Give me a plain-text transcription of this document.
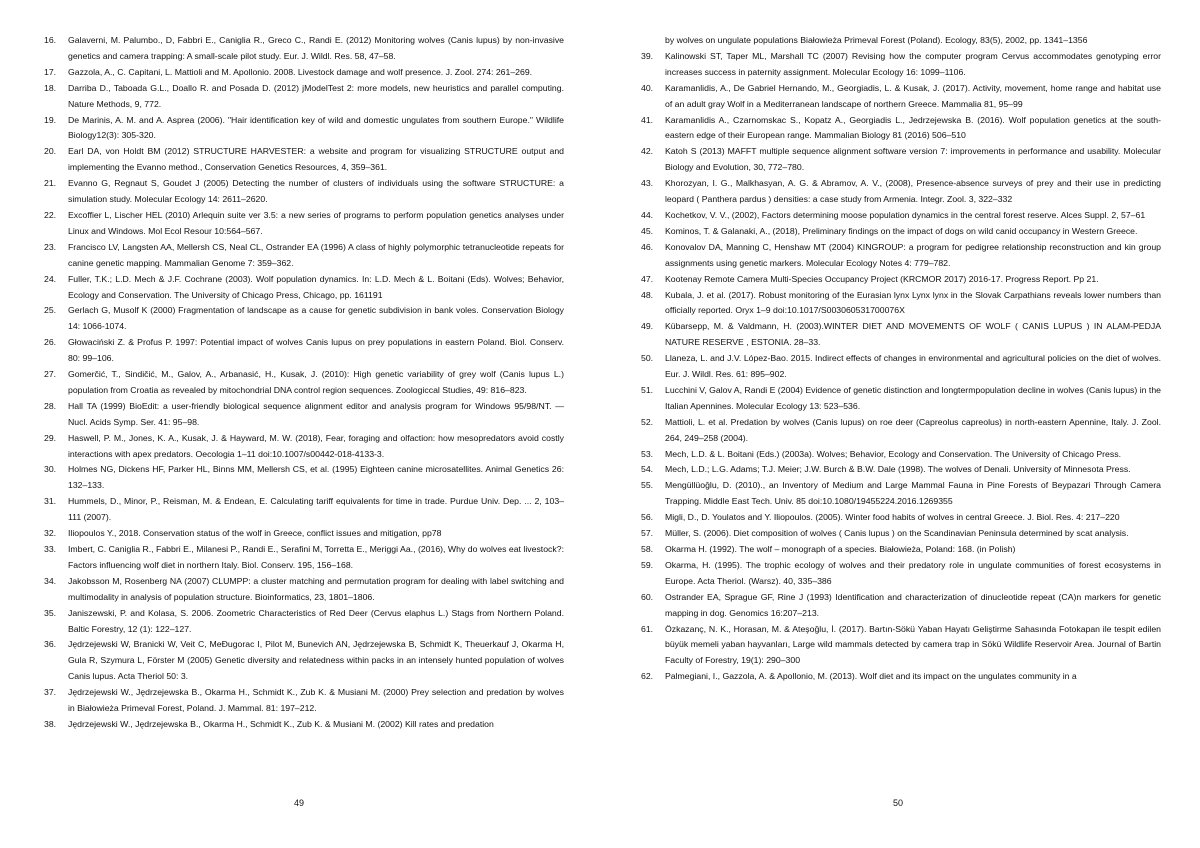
16.	Galaverni, M. Palumbo., D, Fabbri E., Caniglia R., Greco C., Randi E. (2012) Monitoring wolves (Canis lupus) by non-invasive genetics and camera trapping: A small-scale pilot study. Eur. J. Wildl. Res. 58, 47–58.
17.	Gazzola, A., C. Capitani, L. Mattioli and M. Apollonio. 2008. Livestock damage and wolf presence. J. Zool. 274: 261–269.
18.	Darriba D., Taboada G.L., Doallo R. and Posada D. (2012) jModelTest 2: more models, new heuristics and parallel computing. Nature Methods, 9, 772.
19.	De Marinis, A. M. and A. Asprea (2006). "Hair identification key of wild and domestic ungulates from southern Europe." Wildlife Biology12(3): 305-320.
20.	Earl DA, von Holdt BM (2012) STRUCTURE HARVESTER: a website and program for visualizing STRUCTURE output and implementing the Evanno method., Conservation Genetics Resources, 4, 359–361.
21.	Evanno G, Regnaut S, Goudet J (2005) Detecting the number of clusters of individuals using the software STRUCTURE: a simulation study. Molecular Ecology 14: 2611–2620.
22.	Excoffier L, Lischer HEL (2010) Arlequin suite ver 3.5: a new series of programs to perform population genetics analyses under Linux and Windows. Mol Ecol Resour 10:564–567.
23.	Francisco LV, Langsten AA, Mellersh CS, Neal CL, Ostrander EA (1996) A class of highly polymorphic tetranucleotide repeats for canine genetic mapping. Mammalian Genome 7: 359–362.
24.	Fuller, T.K.; L.D. Mech & J.F. Cochrane (2003). Wolf population dynamics. In: L.D. Mech & L. Boitani (Eds). Wolves; Behavior, Ecology and Conservation. The University of Chicago Press, Chicago, pp. 161191
25.	Gerlach G, Musolf K (2000) Fragmentation of landscape as a cause for genetic subdivision in bank voles. Conservation Biology 14: 1066-1074.
26.	Głowaciński Z. & Profus P. 1997: Potential impact of wolves Canis lupus on prey populations in eastern Poland. Biol. Conserv. 80: 99–106.
27.	Gomerčić, T., Sindičić, M., Galov, A., Arbanasić, H., Kusak, J. (2010): High genetic variability of grey wolf (Canis lupus L.) population from Croatia as revealed by mitochondrial DNA control region sequences. Zoologiccal Studies, 49: 816–823.
28.	Hall TA (1999) BioEdit: a user-friendly biological sequence alignment editor and analysis program for Windows 95/98/NT. — Nucl. Acids Symp. Ser. 41: 95–98.
29.	Haswell, P. M., Jones, K. A., Kusak, J. & Hayward, M. W. (2018), Fear, foraging and olfaction: how mesopredators avoid costly interactions with apex predators. Oecologia 1–11 doi:10.1007/s00442-018-4133-3.
30.	Holmes NG, Dickens HF, Parker HL, Binns MM, Mellersh CS, et al. (1995) Eighteen canine microsatellites. Animal Genetics 26: 132–133.
31.	Hummels, D., Minor, P., Reisman, M. & Endean, E. Calculating tariff equivalents for time in trade. Purdue Univ. Dep. ... 2, 103–111 (2007).
32.	Iliopoulos Y., 2018. Conservation status of the wolf in Greece, conflict issues and mitigation, pp78
33.	Imbert, C. Caniglia R., Fabbri E., Milanesi P., Randi E., Serafini M, Torretta E., Meriggi Aa., (2016), Why do wolves eat livestock?: Factors influencing wolf diet in northern Italy. Biol. Conserv. 195, 156–168.
34.	Jakobsson M, Rosenberg NA (2007) CLUMPP: a cluster matching and permutation program for dealing with label switching and multimodality in analysis of population structure. Bioinformatics, 23, 1801–1806.
35.	Janiszewski, P. and Kolasa, S. 2006. Zoometric Characteristics of Red Deer (Cervus elaphus L.) Stags from Northern Poland. Baltic Forestry, 12 (1): 122–127.
36.	Jędrzejewski W, Branicki W, Veit C, MeĐugorac I, Pilot M, Bunevich AN, Jędrzejewska B, Schmidt K, Theuerkauf J, Okarma H, Gula R, Szymura L, Förster M (2005) Genetic diversity and relatedness within packs in an intensely hunted population of wolves Canis lupus. Acta Theriol 50: 3.
37.	Jędrzejewski W., Jędrzejewska B., Okarma H., Schmidt K., Zub K. & Musiani M. (2000) Prey selection and predation by wolves in Białowieża Primeval Forest, Poland. J. Mammal. 81: 197–212.
38.	Jędrzejewski W., Jędrzejewska B., Okarma H., Schmidt K., Zub K. & Musiani M. (2002) Kill rates and predation
49
by wolves on ungulate populations Białowieża Primeval Forest (Poland). Ecology, 83(5), 2002, pp. 1341–1356
39.	Kalinowski ST, Taper ML, Marshall TC (2007) Revising how the computer program Cervus accommodates genotyping error increases success in paternity assignment. Molecular Ecology 16: 1099–1106.
40.	Karamanlidis, A., De Gabriel Hernando, M., Georgiadis, L. & Kusak, J. (2017). Activity, movement, home range and habitat use of an adult gray Wolf in a Mediterranean landscape of northern Greece. Mammalia 81, 95–99
41.	Karamanlidis A., Czarnomskac S., Kopatz A., Georgiadis L., Jedrzejewska B. (2016). Wolf population genetics at the south-eastern edge of their European range. Mammalian Biology 81 (2016) 506–510
42.	Katoh S (2013) MAFFT multiple sequence alignment software version 7: improvements in performance and usability. Molecular Biology and Evolution, 30, 772–780.
43.	Khorozyan, I. G., Malkhasyan, A. G. & Abramov, A. V., (2008), Presence-absence surveys of prey and their use in predicting leopard ( Panthera pardus ) densities: a case study from Armenia. Integr. Zool. 3, 322–332
44.	Kochetkov, V. V., (2002), Factors determining moose population dynamics in the central forest reserve. Alces Suppl. 2, 57–61
45.	Kominos, T. & Galanaki, A., (2018), Preliminary findings on the impact of dogs on wild canid occupancy in Western Greece.
46.	Konovalov DA, Manning C, Henshaw MT (2004) KINGROUP: a program for pedigree relationship reconstruction and kin group assignments using genetic markers. Molecular Ecology Notes 4: 779–782.
47.	Kootenay Remote Camera Multi-Species Occupancy Project (KRCMOR 2017) 2016-17. Progress Report. Pp 21.
48.	Kubala, J. et al. (2017). Robust monitoring of the Eurasian lynx Lynx lynx in the Slovak Carpathians reveals lower numbers than officially reported. Oryx 1–9 doi:10.1017/S003060531700076X
49.	Kübarsepp, M. & Valdmann, H. (2003).WINTER DIET AND MOVEMENTS OF WOLF ( CANIS LUPUS ) IN ALAM-PEDJA NATURE RESERVE , ESTONIA. 28–33.
50.	Llaneza, L. and J.V. López-Bao. 2015. Indirect effects of changes in environmental and agricultural policies on the diet of wolves. Eur. J. Wildl. Res. 61: 895–902.
51.	Lucchini V, Galov A, Randi E (2004) Evidence of genetic distinction and longtermpopulation decline in wolves (Canis lupus) in the Italian Apennines. Molecular Ecology 13: 523–536.
52.	Mattioli, L. et al. Predation by wolves (Canis lupus) on roe deer (Capreolus capreolus) in north-eastern Apennine, Italy. J. Zool. 264, 249–258 (2004).
53.	Mech, L.D. & L. Boitani (Eds.) (2003a). Wolves; Behavior, Ecology and Conservation. The University of Chicago Press.
54.	Mech, L.D.; L.G. Adams; T.J. Meier; J.W. Burch & B.W. Dale (1998). The wolves of Denali. University of Minnesota Press.
55.	Mengüllüoğlu, D. (2010)., an Inventory of Medium and Large Mammal Fauna in Pine Forests of Beypazari Through Camera Trapping. Middle East Tech. Univ. 85 doi:10.1080/19455224.2016.1269355
56.	Migli, D., D. Youlatos and Y. Iliopoulos. (2005). Winter food habits of wolves in central Greece. J. Biol. Res. 4: 217–220
57.	Müller, S. (2006). Diet composition of wolves ( Canis lupus ) on the Scandinavian Peninsula determined by scat analysis.
58.	Okarma H. (1992). The wolf – monograph of a species. Białowieża, Poland: 168. (in Polish)
59.	Okarma, H. (1995). The trophic ecology of wolves and their predatory role in ungulate communities of forest ecosystems in Europe. Acta Theriol. (Warsz). 40, 335–386
60.	Ostrander EA, Sprague GF, Rine J (1993) Identification and characterization of dinucleotide repeat (CA)n markers for genetic mapping in dog. Genomics 16:207–213.
61.	Özkazanç, N. K., Horasan, M. & Ateşoğlu, İ. (2017). Bartın-Sökü Yaban Hayatı Geliştirme Sahasında Fotokapan ile tespit edilen büyük memeli yaban hayvanları, Large wild mammals detected by camera trap in Sökü Wildlife Reservoir Area. Journal of Bartin Faculty of Forestry, 19(1): 290–300
62.	Palmegiani, I., Gazzola, A. & Apollonio, M. (2013). Wolf diet and its impact on the ungulates community in a
50
